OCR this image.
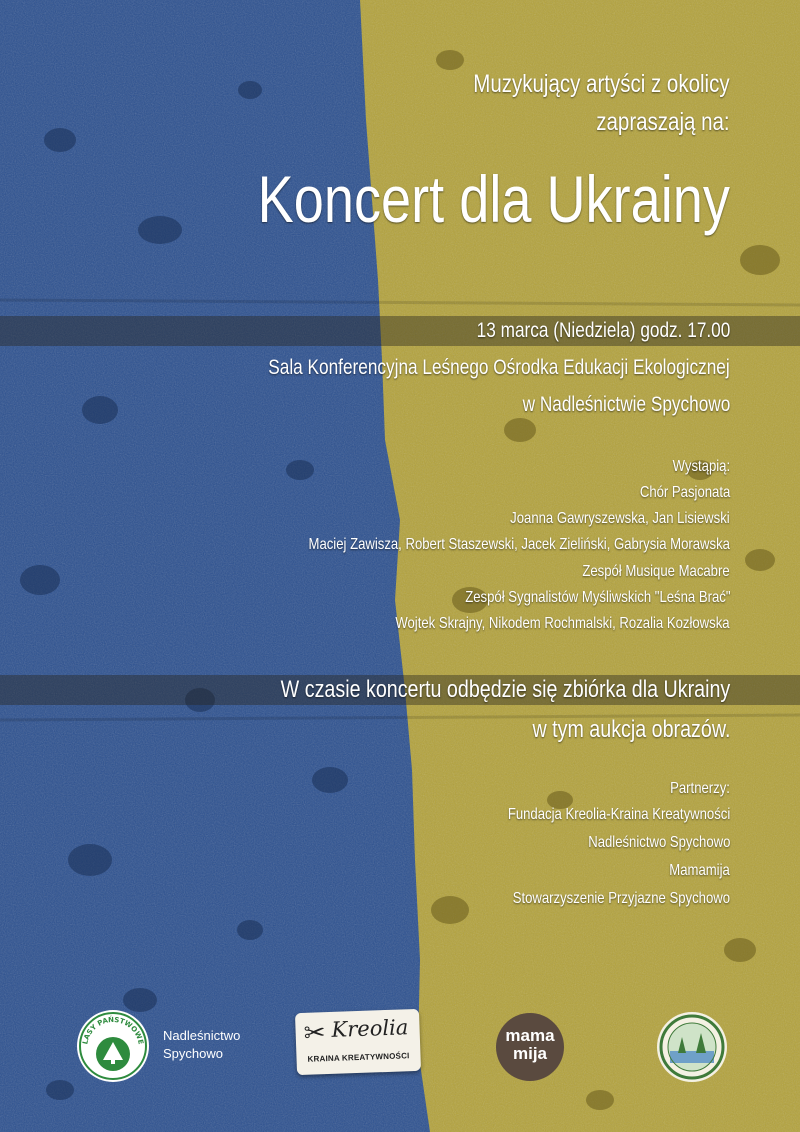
Muzykujący artyści z okolicy
zapraszają na:
Koncert dla Ukrainy
13 marca (Niedziela) godz. 17.00
Sala Konferencyjna Leśnego Ośrodka Edukacji Ekologicznej
w Nadleśnictwie Spychowo
Wystąpią:
Chór Pasjonata
Joanna Gawryszewska, Jan Lisiewski
Maciej Zawisza, Robert Staszewski, Jacek Zieliński, Gabrysia Morawska
Zespół Musique Macabre
Zespół Sygnalistów Myśliwskich "Leśna Brać"
Wojtek Skrajny, Nikodem Rochmalski, Rozalia Kozłowska
W czasie koncertu odbędzie się zbiórka dla Ukrainy
w tym aukcja obrazów.
Partnerzy:
Fundacja Kreolia-Kraina Kreatywności
Nadleśnictwo Spychowo
Mamamija
Stowarzyszenie Przyjazne Spychowo
LASY PAŃSTWOWE Nadleśnictwo
Spychowo
✂ Kreolia
KRAINA KREATYWNOŚCI
mama
mija
